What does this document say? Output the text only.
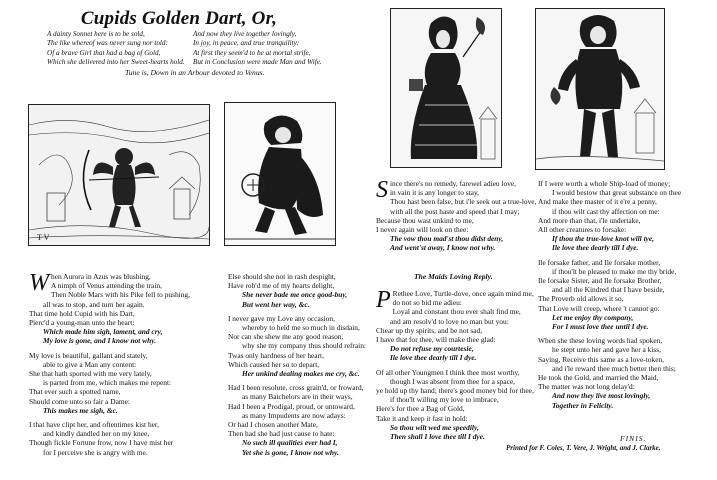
Cupids Golden Dart, Or,
A dainty Sonnet here is to be sold,
The like whereof was never sung nor told:
Of a brave Girl that had a bag of Gold,
Which she delivered into her Sweet-hearts hold.
And now they live together lovingly,
In joy, in peace, and true tranquility:
At first they seem'd to be at mortal strife,
But in Conclusion were made Man and Wife.
Tune is, Down in an Arbour devoted to Venus.
T V

When Aurora in Azus was blushing,

A nimph of Venus attending the train,

Then Noble Mars with his Pike fell to pushing,

all was to stop, and turn her again.

That time hold Cupid with his Dart,

Pierc'd a young-man unto the heart:

Which made him sigh, lament, and cry,

My love is gone, and I know not why.

My love is beautiful, gallant and stately,

able to give a Man any content:

She that hath sported with me very lately,

is parted from me, which makes me repent:

That ever such a spotted name,

Should come unto so fair a Dame:

This makes me sigh, &c.

I that have clipt her, and oftentimes kist her,

and kindly dandled her on my knee,

Though fickle Fortune frow, now I have mist her

for I perceive she is angry with me.

Else should she not in rash despight,

Have rob'd me of my hearts delight,

She never bade me once good-buy,

But went her way, &c.

I never gave my Love any occasion,

whereby to held me so much in disdain,

Nor can she shew me any good reason,

why she my company thus should refrain:

Twas only hardness of her heart,

Which caused her so to depart,

Her unkind dealing makes me cry, &c.

Had I been resolute, cross grain'd, or froward,

as many Batchelors are in their ways,

Had I been a Prodigal, proud, or untoward,

as many Impudents are now adays:

Or had I chosen another Mate,

Then had she had just cause to hate:

No such ill qualities ever had I,

Yet she is gone, I know not why.

Since there's no remedy, farewel adieu love,

in vain it is any longer to stay,

Thou hast been false, but i'le seek out a true-love,

with all the post haste and speed that I may;

Because thou wast unkind to me,

I never again will look on thee:

The vow thou mad'st thou didst deny,

And went'st away, I know not why.

The Maids Loving Reply.

P Rethee Love, Turtle-dove, once again mind me,

do not so bid me adieu:

Loyal and constant thou ever shalt find me,

and am resolv'd to love no man but you:

Chear up thy spirits, and be not sad,

I have that for thee, will make thee glad:

Do not refuse my courtesie,

Ile love thee dearly till I dye.

Of all other Youngmen I think thee most worthy,

though I was absent from thee for a space,

ye hold up thy hand; there's good money bid for thee,

if thou'lt willing my love to imbrace,

Here's for thee a Bag of Gold,

Take it and keep it fast in hold:

So thou wilt wed me speedily,

Then shall I love thee till I dye.

If I were worth a whole Ship-load of money;

I would bestow that great substance on thee

And make thee master of it e're a penny,

if thou wilt cast thy affection on me:

And more than that, i'le undertake,

All other creatures to forsake:

If thou the true-love knot will tye,

Ile love thee dearly till I dye.

Ile forsake father, and Ile forsake mother,

if thou'lt be pleased to make me thy bride,

Ile forsake Sister, and Ile forsake Brother,

and all the Kindred that I have beside,

The Proverb old allows it so,

That Love will creep, where 't cannot go:

Let me enjoy thy company,

For I must love thee until I dye.

When she these loving words had spoken,

he stept unto her and gave her a kiss,

Saying, Receive this same as a love-token,

and i'le reward thee much better then this;

He took the Gold, and married the Maid,

The matter was not long delay'd:

And now they live most lovingly,

Together in Felicity.

FINIS.
Printed for F. Coles, T. Vere, J. Wright, and J. Clarke.
